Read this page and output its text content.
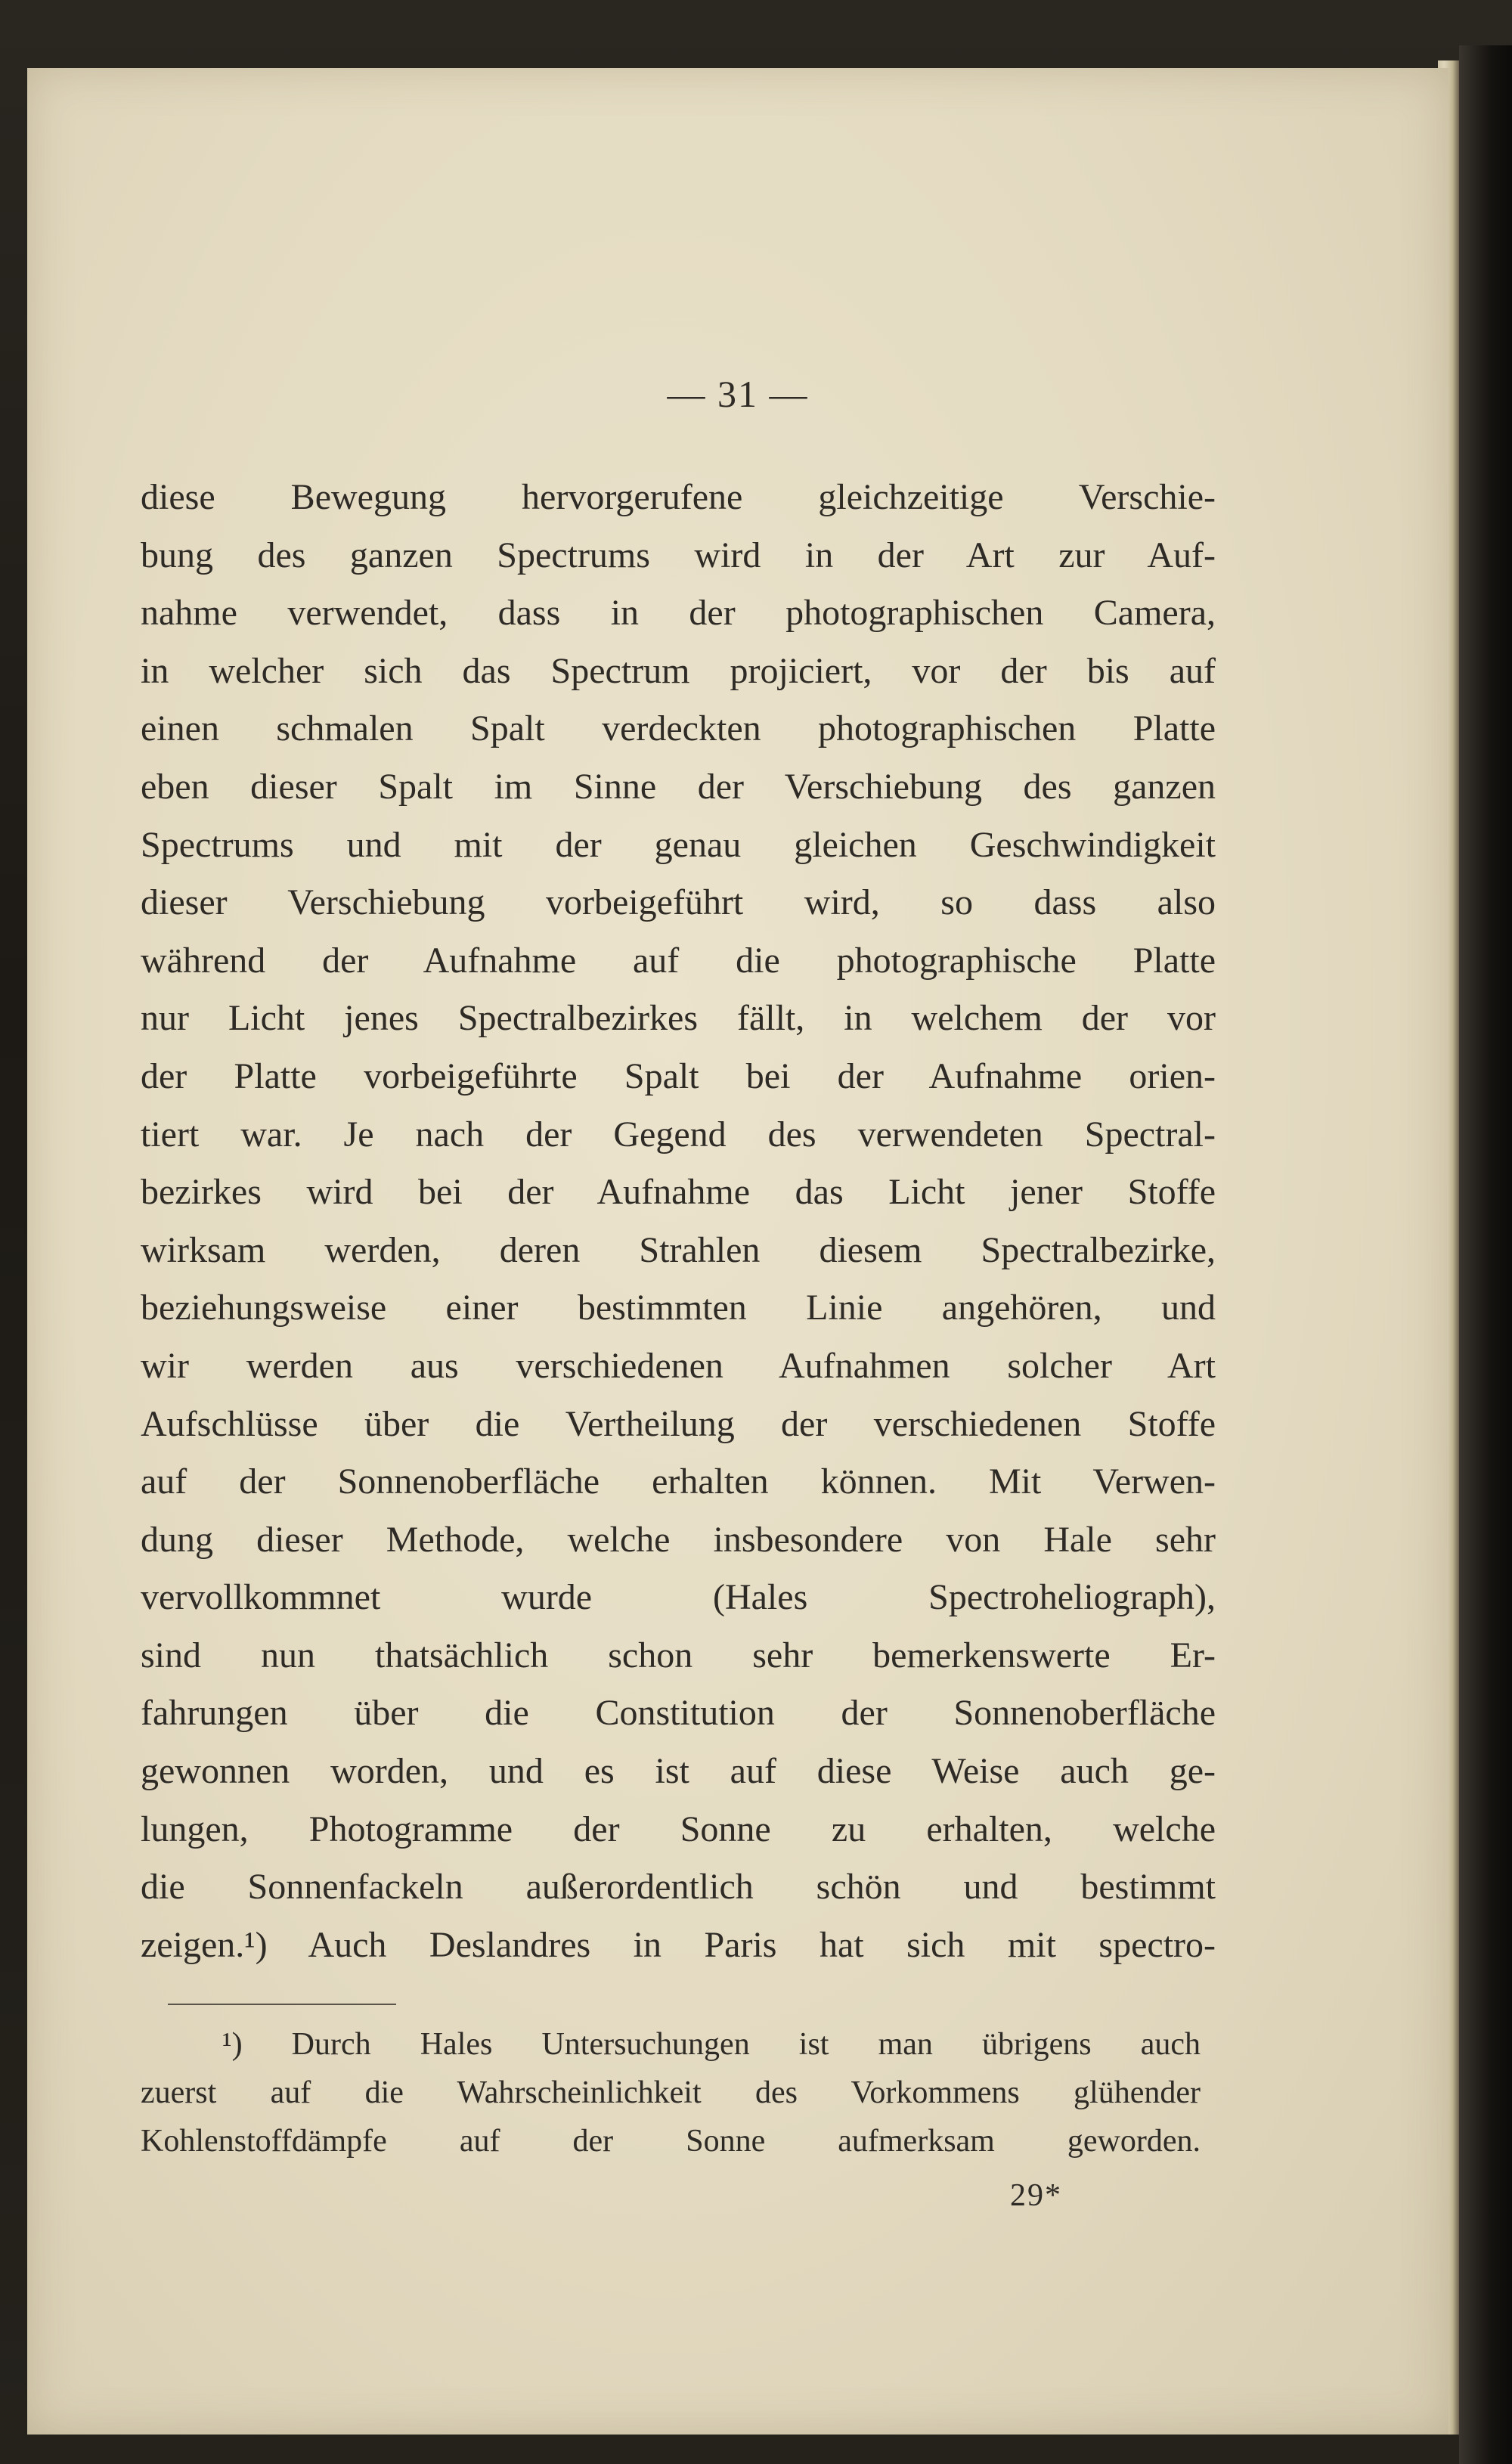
— 31 —
diese Bewegung hervorgerufene gleichzeitige Verschie-
bung des ganzen Spectrums wird in der Art zur Auf-
nahme verwendet, dass in der photographischen Camera,
in welcher sich das Spectrum projiciert, vor der bis auf
einen schmalen Spalt verdeckten photographischen Platte
eben dieser Spalt im Sinne der Verschiebung des ganzen
Spectrums und mit der genau gleichen Geschwindigkeit
dieser Verschiebung vorbeigeführt wird, so dass also
während der Aufnahme auf die photographische Platte
nur Licht jenes Spectralbezirkes fällt, in welchem der vor
der Platte vorbeigeführte Spalt bei der Aufnahme orien-
tiert war. Je nach der Gegend des verwendeten Spectral-
bezirkes wird bei der Aufnahme das Licht jener Stoffe
wirksam werden, deren Strahlen diesem Spectralbezirke,
beziehungsweise einer bestimmten Linie angehören, und
wir werden aus verschiedenen Aufnahmen solcher Art
Aufschlüsse über die Vertheilung der verschiedenen Stoffe
auf der Sonnenoberfläche erhalten können. Mit Verwen-
dung dieser Methode, welche insbesondere von Hale sehr
vervollkommnet wurde (Hales Spectroheliograph),
sind nun thatsächlich schon sehr bemerkenswerte Er-
fahrungen über die Constitution der Sonnenoberfläche
gewonnen worden, und es ist auf diese Weise auch ge-
lungen, Photogramme der Sonne zu erhalten, welche
die Sonnenfackeln außerordentlich schön und bestimmt
zeigen.¹) Auch Deslandres in Paris hat sich mit spectro-
¹) Durch Hales Untersuchungen ist man übrigens auch
zuerst auf die Wahrscheinlichkeit des Vorkommens glühender
Kohlenstoffdämpfe auf der Sonne aufmerksam geworden.
29*
